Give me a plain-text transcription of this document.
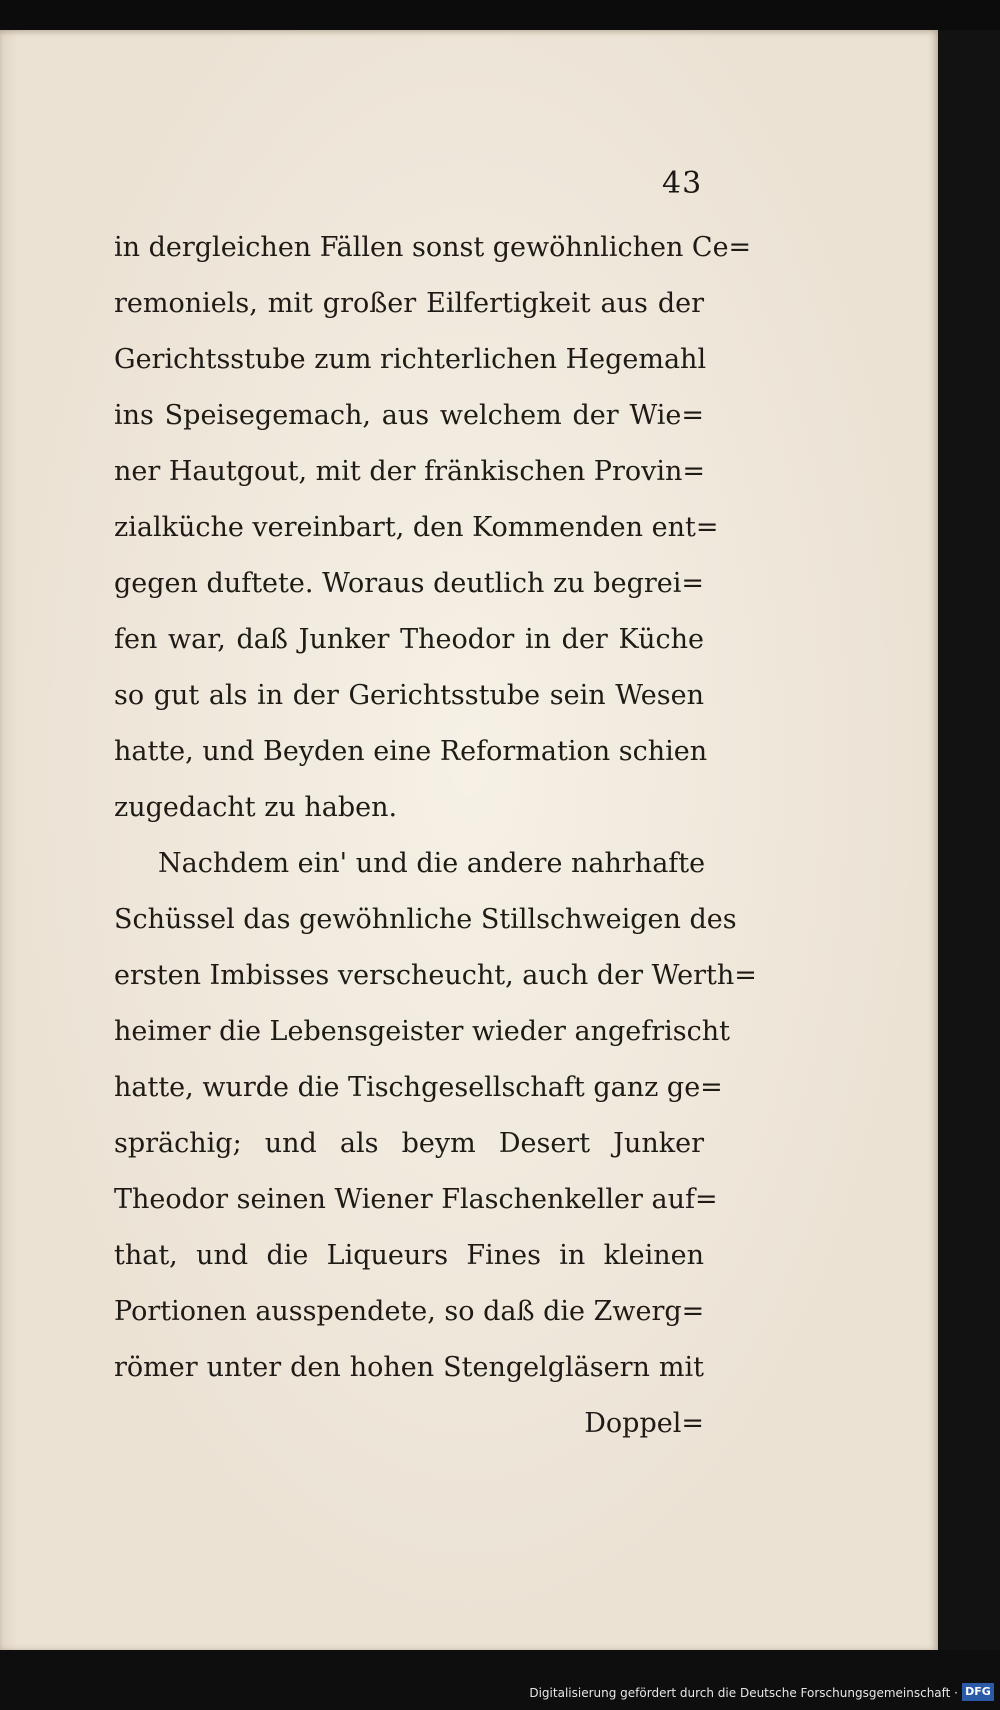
43
in dergleichen Fällen sonst gewöhnlichen Ce=
remoniels, mit großer Eilfertigkeit aus der
Gerichtsstube zum richterlichen Hegemahl
ins Speisegemach, aus welchem der Wie=
ner Hautgout, mit der fränkischen Provin=
zialküche vereinbart, den Kommenden ent=
gegen duftete. Woraus deutlich zu begrei=
fen war, daß Junker Theodor in der Küche
so gut als in der Gerichtsstube sein Wesen
hatte, und Beyden eine Reformation schien
zugedacht zu haben.
Nachdem ein' und die andere nahrhafte
Schüssel das gewöhnliche Stillschweigen des
ersten Imbisses verscheucht, auch der Werth=
heimer die Lebensgeister wieder angefrischt
hatte, wurde die Tischgesellschaft ganz ge=
sprächig; und als beym Desert Junker
Theodor seinen Wiener Flaschenkeller auf=
that, und die Liqueurs Fines in kleinen
Portionen ausspendete, so daß die Zwerg=
römer unter den hohen Stengelgläsern mit
Doppel=
Digitalisierung gefördert durch die Deutsche Forschungsgemeinschaft · DFG
